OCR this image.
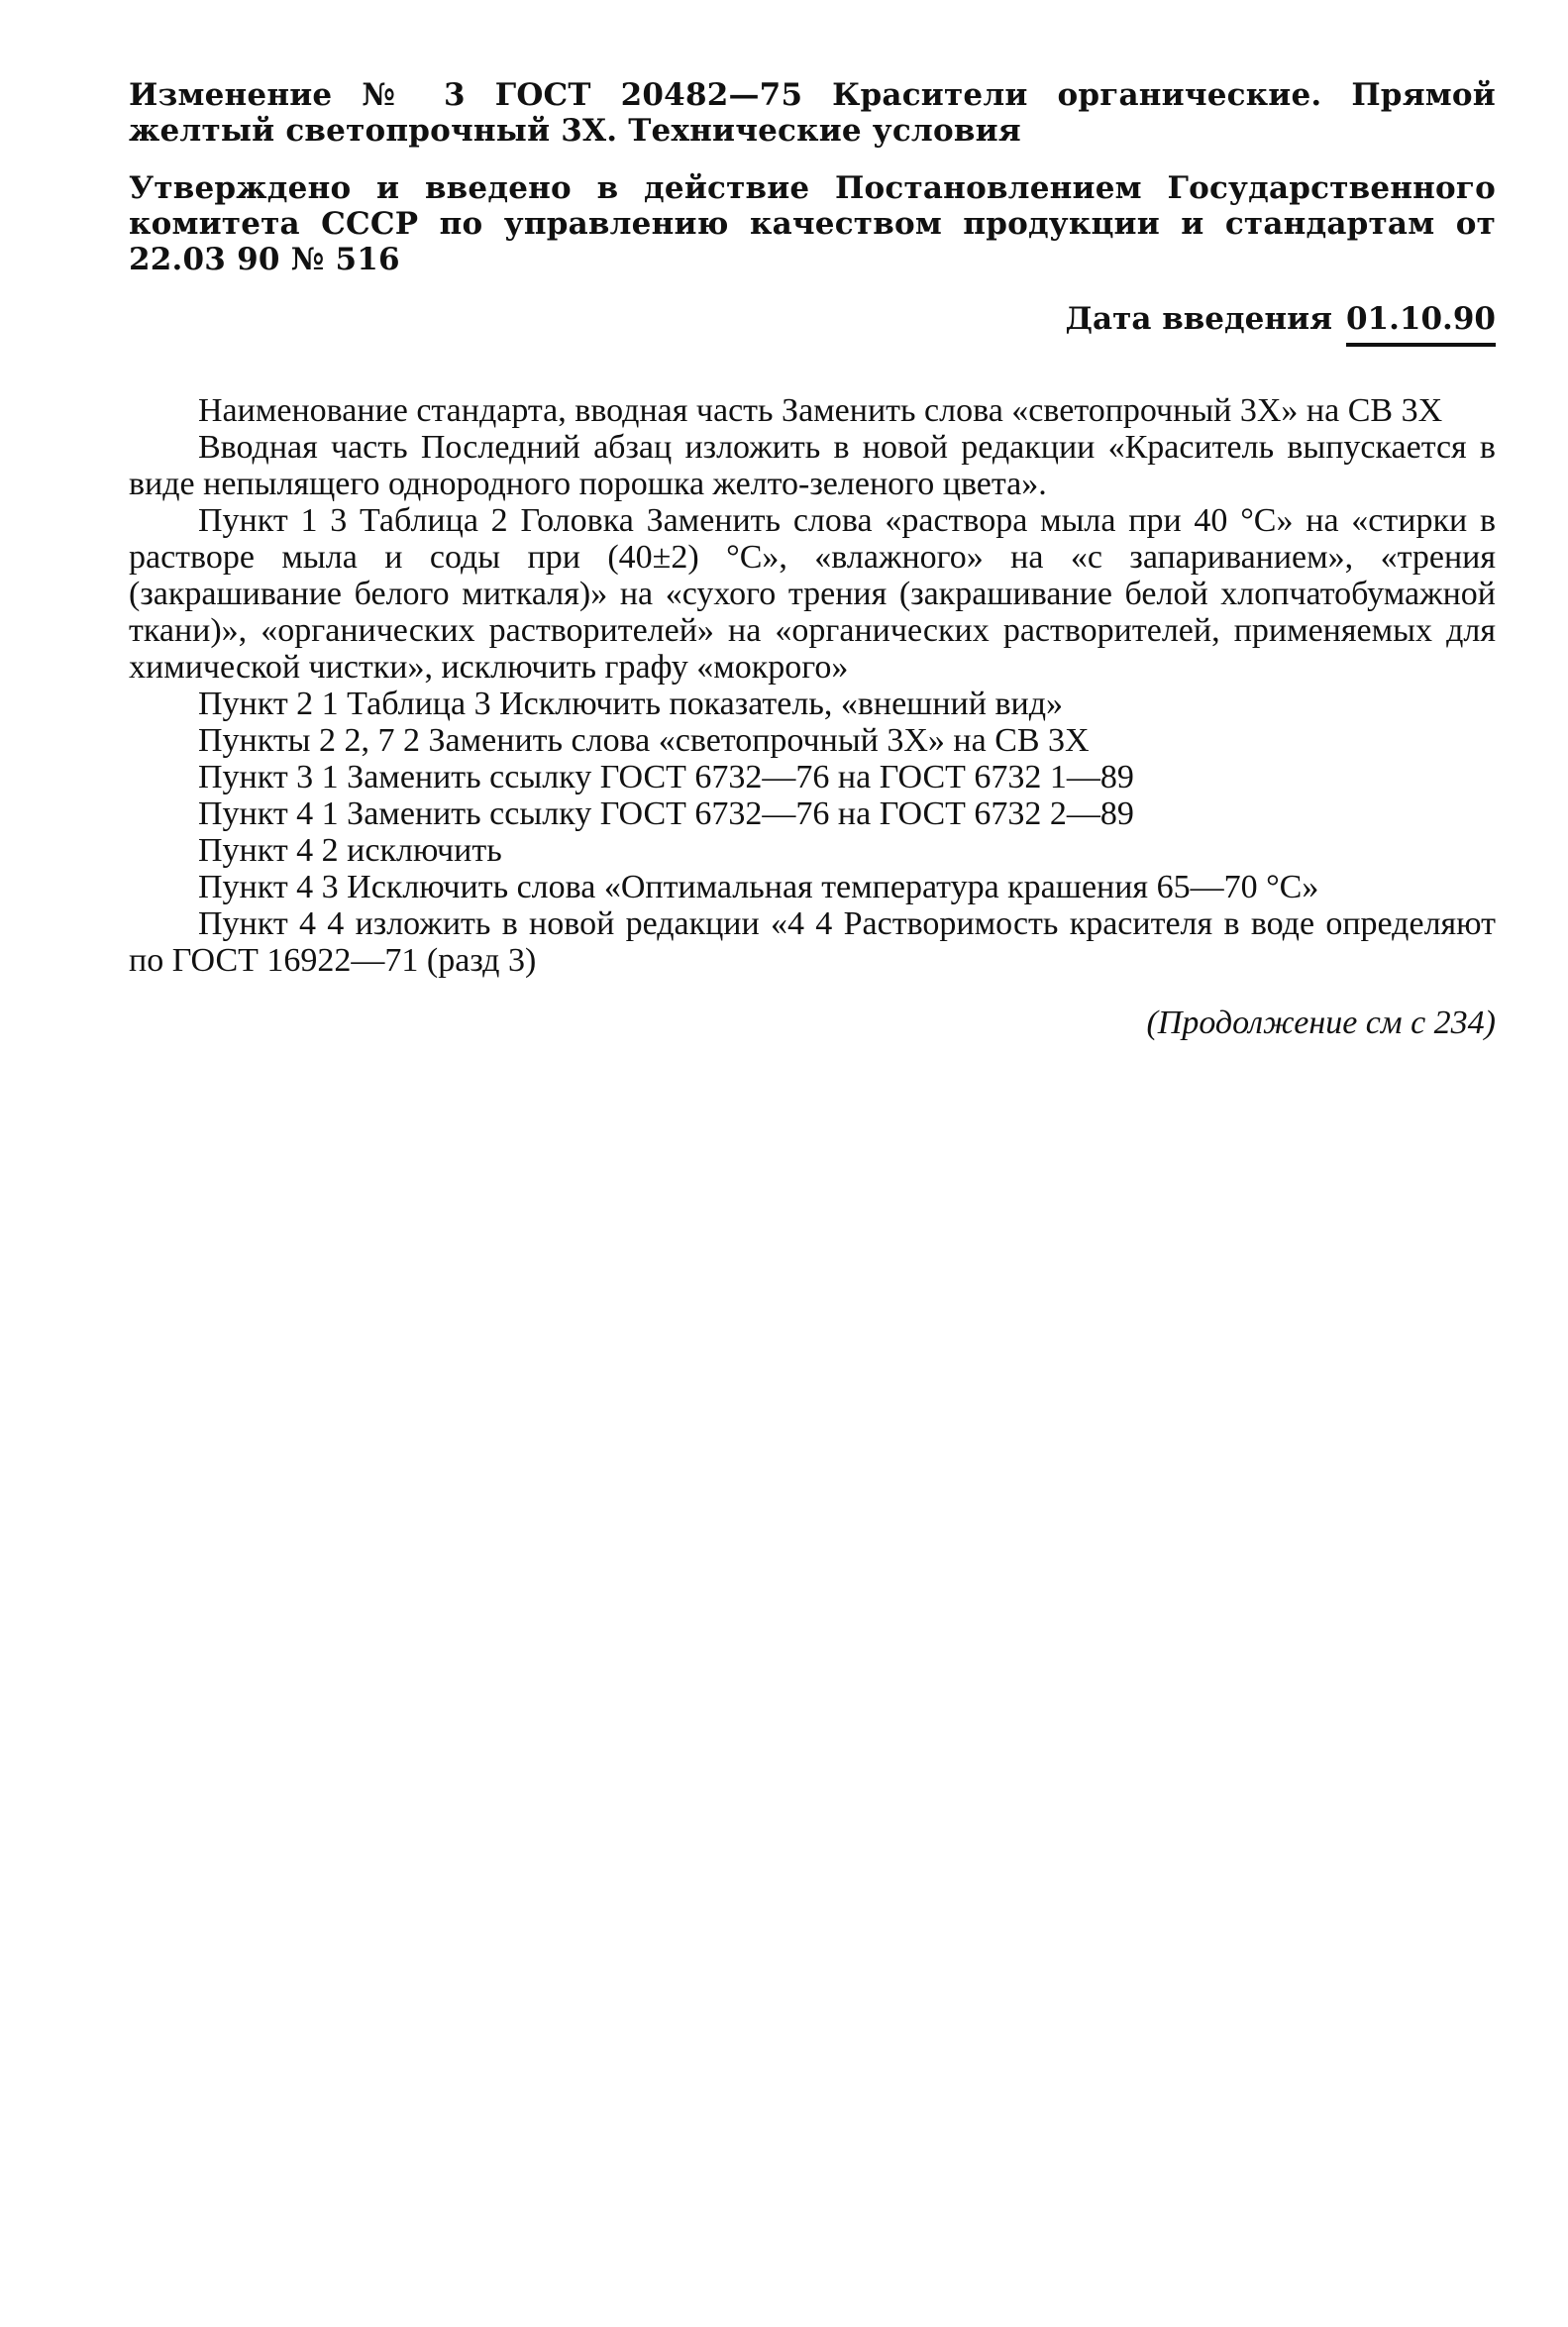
Изменение № 3 ГОСТ 20482—75 Красители органические. Прямой желтый светопрочный 3Х. Технические условия

Утверждено и введено в действие Постановлением Государственного комитета СССР по управлению качеством продукции и стандартам от 22.03 90 № 516

Дата введения 01.10.90

Наименование стандарта, вводная часть Заменить слова «светопрочный 3Х» на СВ 3Х

Вводная часть Последний абзац изложить в новой редакции «Краситель выпускается в виде непылящего однородного порошка желто-зеленого цвета».

Пункт 1 3 Таблица 2 Головка Заменить слова «раствора мыла при 40 °С» на «стирки в растворе мыла и соды при (40±2) °С», «влажного» на «с запариванием», «трения (закрашивание белого миткаля)» на «сухого трения (закрашивание белой хлопчатобумажной ткани)», «органических растворителей» на «органических растворителей, применяемых для химической чистки», исключить графу «мокрого»

Пункт 2 1 Таблица 3 Исключить показатель, «внешний вид»

Пункты 2 2, 7 2 Заменить слова «светопрочный 3Х» на СВ 3Х

Пункт 3 1 Заменить ссылку ГОСТ 6732—76 на ГОСТ 6732 1—89

Пункт 4 1 Заменить ссылку ГОСТ 6732—76 на ГОСТ 6732 2—89

Пункт 4 2 исключить

Пункт 4 3 Исключить слова «Оптимальная температура крашения 65—70 °С»

Пункт 4 4 изложить в новой редакции «4 4 Растворимость красителя в воде определяют по ГОСТ 16922—71 (разд 3)

(Продолжение см с 234)
